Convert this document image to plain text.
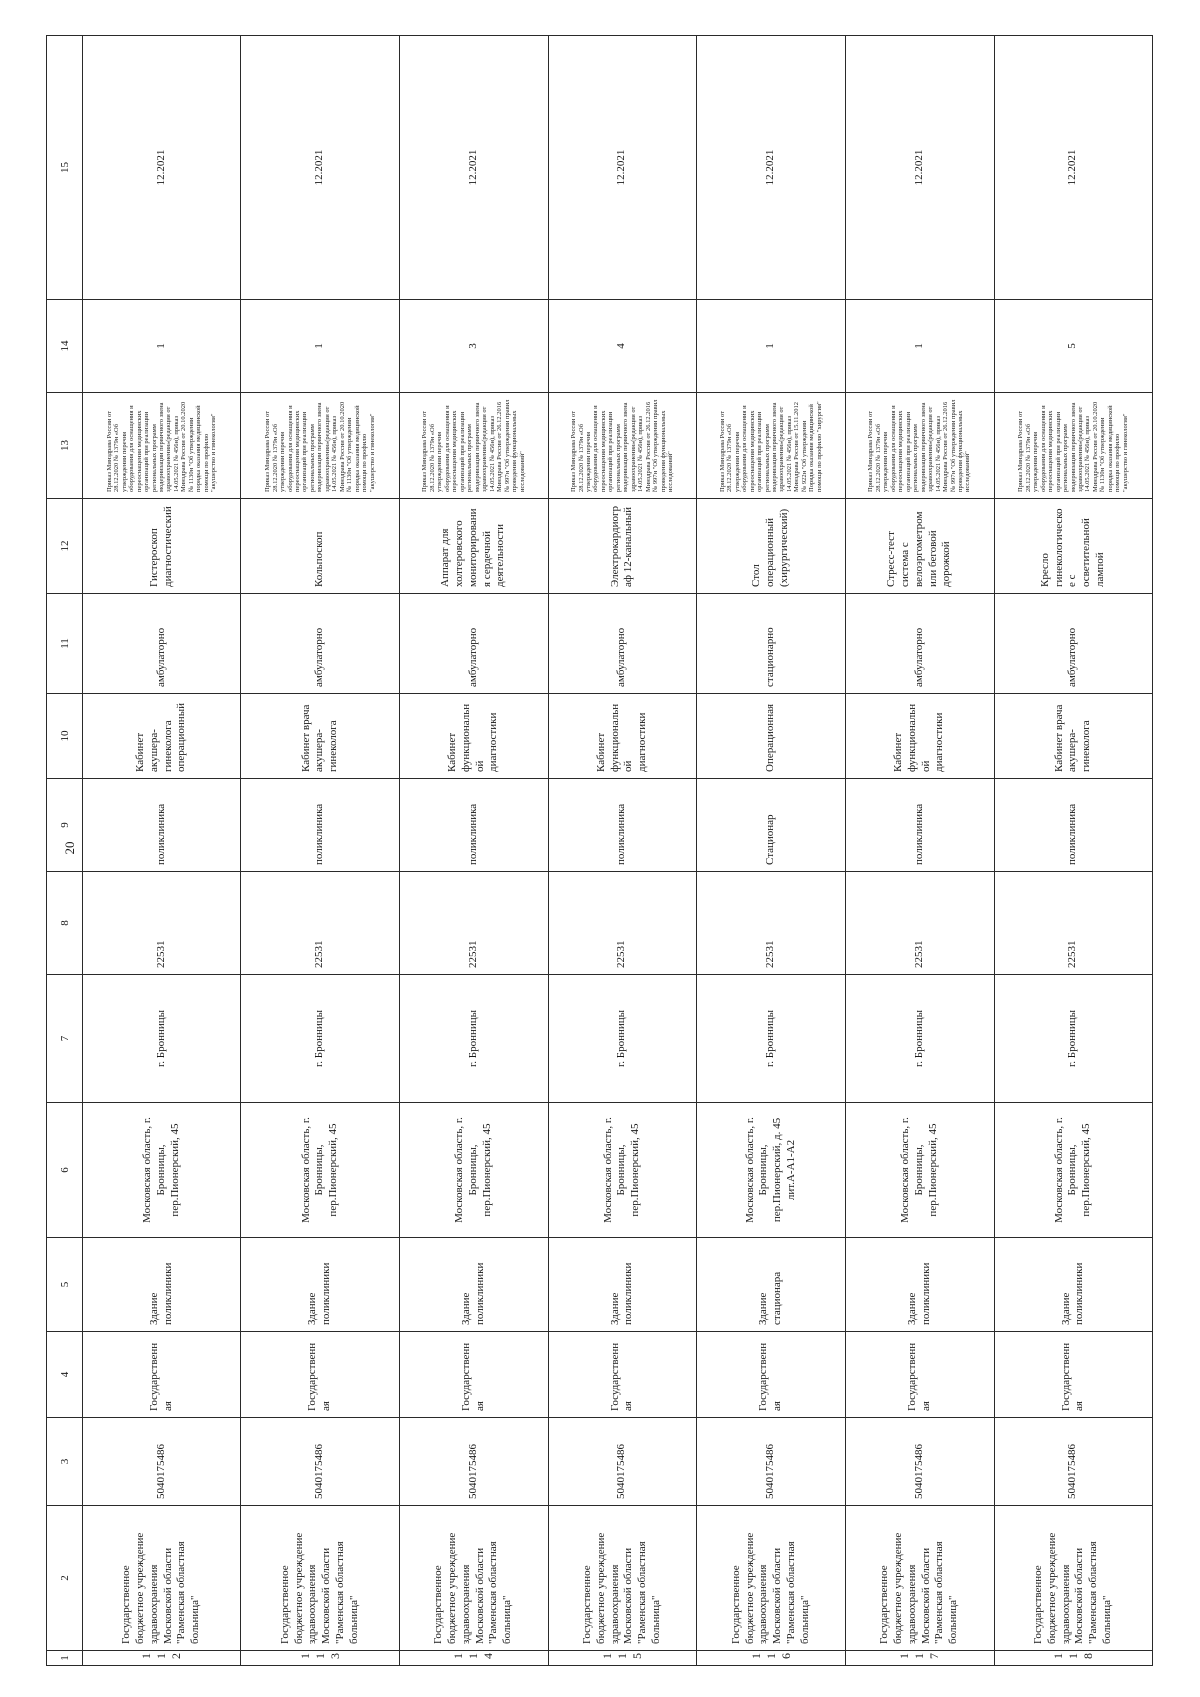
20
1	2	3	4	5	6	7	8	9	10	11	12	13	14	15
112	Государственное бюджетное учреждение здравоохранения Московской области "Раменская областная больница"	5040175486	Государственная	Здание поликлиники	Московская область, г. Бронницы, пер.Пионерский, 45	г. Бронницы	22531	поликлиника	Кабинет акушера-гинеколога операционный	амбулаторно	Гистероскоп диагностический	Приказ Минздрава России от 28.12.2020 № 1379н «Об утверждении перечня оборудования для оснащения и переоснащения медицинских организаций при реализации региональных программ модернизации первичного звена здравоохранения»(редакция от 14.05.2021 № 456н), приказ Минздрава России от 20.10.2020 № 1130н "Об утверждении порядка оказания медицинской помощи по профилю "акушерство и гинекология"	1	12.2021
113	Государственное бюджетное учреждение здравоохранения Московской области "Раменская областная больница"	5040175486	Государственная	Здание поликлиники	Московская область, г. Бронницы, пер.Пионерский, 45	г. Бронницы	22531	поликлиника	Кабинет врача акушера-гинеколога	амбулаторно	Кольпоскоп	Приказ Минздрава России от 28.12.2020 № 1379н «Об утверждении перечня оборудования для оснащения и переоснащения медицинских организаций при реализации региональных программ модернизации первичного звена здравоохранения»(редакция от 14.05.2021 № 456н), приказ Минздрава России от 20.10.2020 № 1130н "Об утверждении порядка оказания медицинской помощи по профилю "акушерство и гинекология"	1	12.2021
114	Государственное бюджетное учреждение здравоохранения Московской области "Раменская областная больница"	5040175486	Государственная	Здание поликлиники	Московская область, г. Бронницы, пер.Пионерский, 45	г. Бронницы	22531	поликлиника	Кабинет функциональной диагностики	амбулаторно	Аппарат для холтеровского мониторирования сердечной деятельности	Приказ Минздрава России от 28.12.2020 № 1379н «Об утверждении перечня оборудования для оснащения и переоснащения медицинских организаций при реализации региональных программ модернизации первичного звена здравоохранения»(редакция от 14.05.2021 № 456н), приказ Минздрава России от 26.12.2016 № 997н "Об утверждении правил проведения функциональных исследований"	3	12.2021
115	Государственное бюджетное учреждение здравоохранения Московской области "Раменская областная больница"	5040175486	Государственная	Здание поликлиники	Московская область, г. Бронницы, пер.Пионерский, 45	г. Бронницы	22531	поликлиника	Кабинет функциональной диагностики	амбулаторно	Электрокардиограф 12-канальный	Приказ Минздрава России от 28.12.2020 № 1379н «Об утверждении перечня оборудования для оснащения и переоснащения медицинских организаций при реализации региональных программ модернизации первичного звена здравоохранения»(редакция от 14.05.2021 № 456н), приказ Минздрава России от 26.12.2016 № 997н "Об утверждении правил проведения функциональных исследований"	4	12.2021
116	Государственное бюджетное учреждение здравоохранения Московской области "Раменская областная больница"	5040175486	Государственная	Здание стационара	Московская область, г. Бронницы, пер.Пионерский, д. 45 лит.А-А1-А2	г. Бронницы	22531	Стационар	Операционная	стационарно	Стол операционный (хирургический)	Приказ Минздрава России от 28.12.2020 № 1379н «Об утверждении перечня оборудования для оснащения и переоснащения медицинских организаций при реализации региональных программ модернизации первичного звена здравоохранения»(редакция от 14.05.2021 № 456н), приказ Минздрава России от 15.11.2012 № 922н "Об утверждении Порядка оказания медицинской помощи по профилю "хирургия"	1	12.2021
117	Государственное бюджетное учреждение здравоохранения Московской области "Раменская областная больница"	5040175486	Государственная	Здание поликлиники	Московская область, г. Бронницы, пер.Пионерский, 45	г. Бронницы	22531	поликлиника	Кабинет функциональной диагностики	амбулаторно	Стресс-тест система с велоэргометром или беговой дорожкой	Приказ Минздрава России от 28.12.2020 № 1379н «Об утверждении перечня оборудования для оснащения и переоснащения медицинских организаций при реализации региональных программ модернизации первичного звена здравоохранения»(редакция от 14.05.2021 № 456н), приказ Минздрава России от 26.12.2016 № 997н "Об утверждении правил проведения функциональных исследований"	1	12.2021
118	Государственное бюджетное учреждение здравоохранения Московской области "Раменская областная больница"	5040175486	Государственная	Здание поликлиники	Московская область, г. Бронницы, пер.Пионерский, 45	г. Бронницы	22531	поликлиника	Кабинет врача акушера-гинеколога	амбулаторно	Кресло гинекологическое с осветительной лампой	Приказ Минздрава России от 28.12.2020 № 1379н «Об утверждении перечня оборудования для оснащения и переоснащения медицинских организаций при реализации региональных программ модернизации первичного звена здравоохранения»(редакция от 14.05.2021 № 456н), приказ Минздрава России от 20.10.2020 № 1130н "Об утверждении порядка оказания медицинской помощи по профилю "акушерство и гинекология"	5	12.2021
